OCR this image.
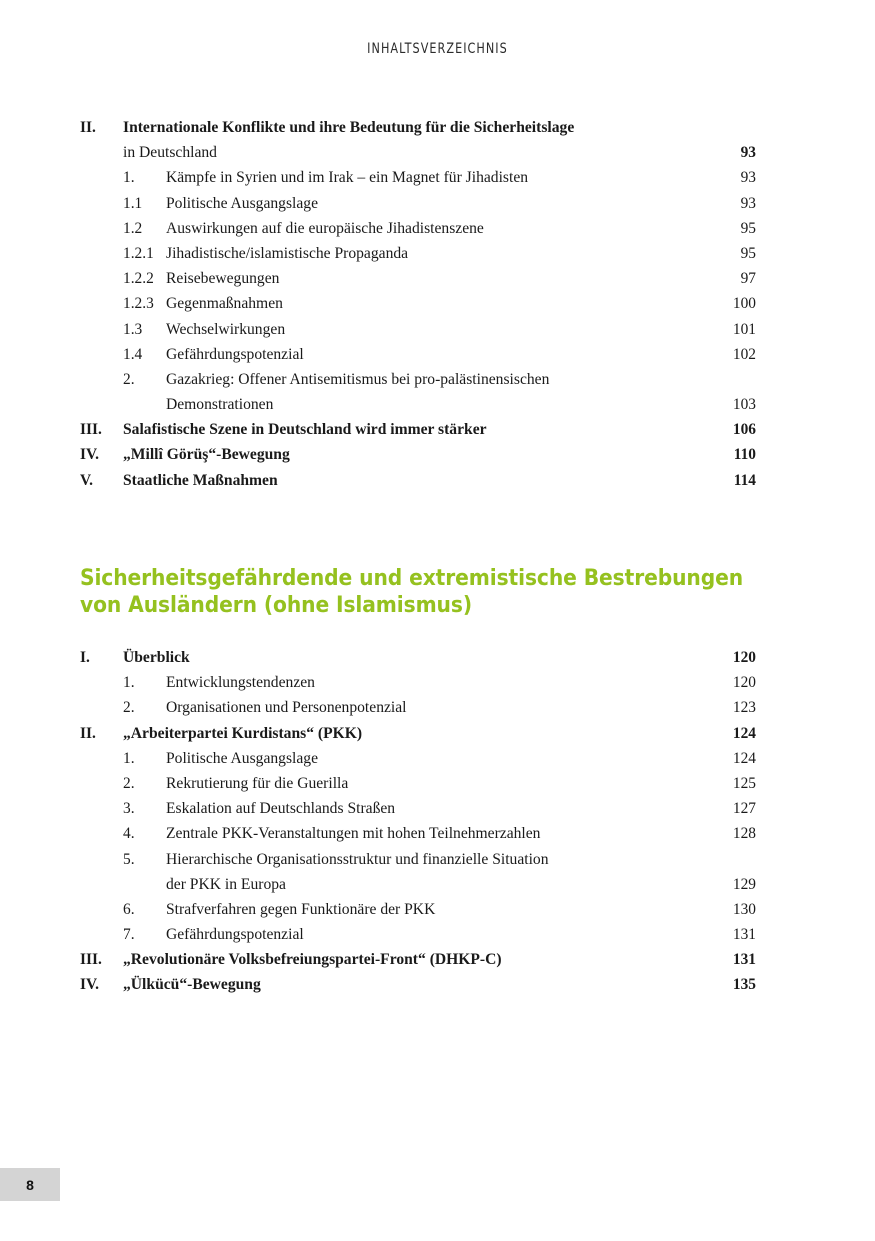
INHALTSVERZEICHNIS
II.	Internationale Konflikte und ihre Bedeutung für die Sicherheitslage
in Deutschland	93
1.	Kämpfe in Syrien und im Irak – ein Magnet für Jihadisten	93
1.1	Politische Ausgangslage	93
1.2	Auswirkungen auf die europäische Jihadistenszene	95
1.2.1 Jihadistische/islamistische Propaganda	95
1.2.2 Reisebewegungen	97
1.2.3 Gegenmaßnahmen	100
1.3	Wechselwirkungen	101
1.4	Gefährdungspotenzial	102
2.	Gazakrieg: Offener Antisemitismus bei pro-palästinensischen
Demonstrationen	103
III.	Salafistische Szene in Deutschland wird immer stärker	106
IV.	„Millî Görüş“-Bewegung	110
V.	Staatliche Maßnahmen	114
Sicherheitsgefährdende und extremistische Bestrebungen
von Ausländern (ohne Islamismus)
I.	Überblick	120
1.	Entwicklungstendenzen	120
2.	Organisationen und Personenpotenzial	123
II.	„Arbeiterpartei Kurdistans“ (PKK)	124
1.	Politische Ausgangslage	124
2.	Rekrutierung für die Guerilla	125
3.	Eskalation auf Deutschlands Straßen	127
4.	Zentrale PKK-Veranstaltungen mit hohen Teilnehmerzahlen	128
5.	Hierarchische Organisationsstruktur und finanzielle Situation
der PKK in Europa	129
6.	Strafverfahren gegen Funktionäre der PKK	130
7.	Gefährdungspotenzial	131
III.	„Revolutionäre Volksbefreiungspartei-Front“ (DHKP-C)	131
IV.	„Ülkücü“-Bewegung	135
8
